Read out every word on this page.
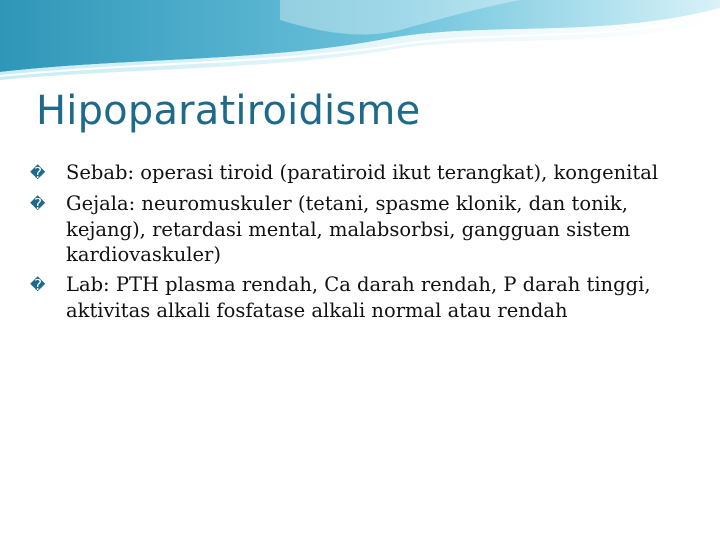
Hipoparatiroidisme
� Sebab: operasi tiroid (paratiroid ikut terangkat), kongenital
� Gejala: neuromuskuler (tetani, spasme klonik, dan tonik, kejang), retardasi mental, malabsorbsi, gangguan sistem kardiovaskuler)
� Lab: PTH plasma rendah, Ca darah rendah, P darah tinggi, aktivitas alkali fosfatase alkali normal atau rendah
